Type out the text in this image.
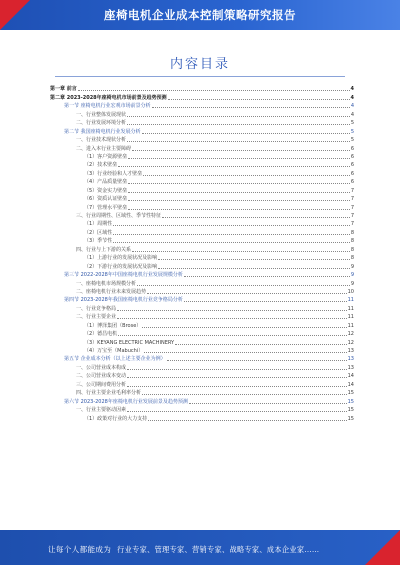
座椅电机企业成本控制策略研究报告
内容目录
第一章 前言	4
第二章 2023-2028年座椅电机市场前景及趋势预测	4
第一节 座椅电机行业宏观市场前景分析	4
一、行业整体发展现状	4
二、行业发展环境分析	5
第二节 我国座椅电机行业发展分析	5
一、行业技术现状分析	5
二、进入本行业主要障碍	6
（1）客户资源壁垒	6
（2）技术壁垒	6
（3）行业经验和人才壁垒	6
（4）产品质量壁垒	6
（5）资金实力壁垒	7
（6）资质认证壁垒	7
（7）管理水平壁垒	7
三、行业周期性、区域性、季节性特征	7
（1）周期性	7
（2）区域性	8
（3）季节性	8
四、行业与上下游的关系	8
（1）上游行业的发展状况及影响	8
（2）下游行业的发展状况及影响	9
第三节 2022-2028年中国座椅电机行业发展规模分析	9
一、座椅电机市场规模分析	9
二、座椅电机行业未来发展趋势	10
第四节 2023-2028年我国座椅电机行业竞争格局分析	11
一、行业竞争格局	11
二、行业主要企业	11
（1）博泽集团（Brose）	11
（2）德昌电机	12
（3）KEYANG ELECTRIC MACHINERY	12
（4）万宝至（Mabuchi）	13
第五节 企业成本分析（以上述主要企业为例）	13
一、公司营业成本构成	13
二、公司营业成本变动	14
三、公司期间费用分析	14
四、行业主要企业毛利率分析	15
第六节 2023-2028年座椅电机行业发展前景及趋势预测	15
一、行业主要驱动因素	15
（1）政策对行业的大力支持	15
让每个人都能成为 行业专家、管理专家、营销专家、战略专家、成本企业家……
